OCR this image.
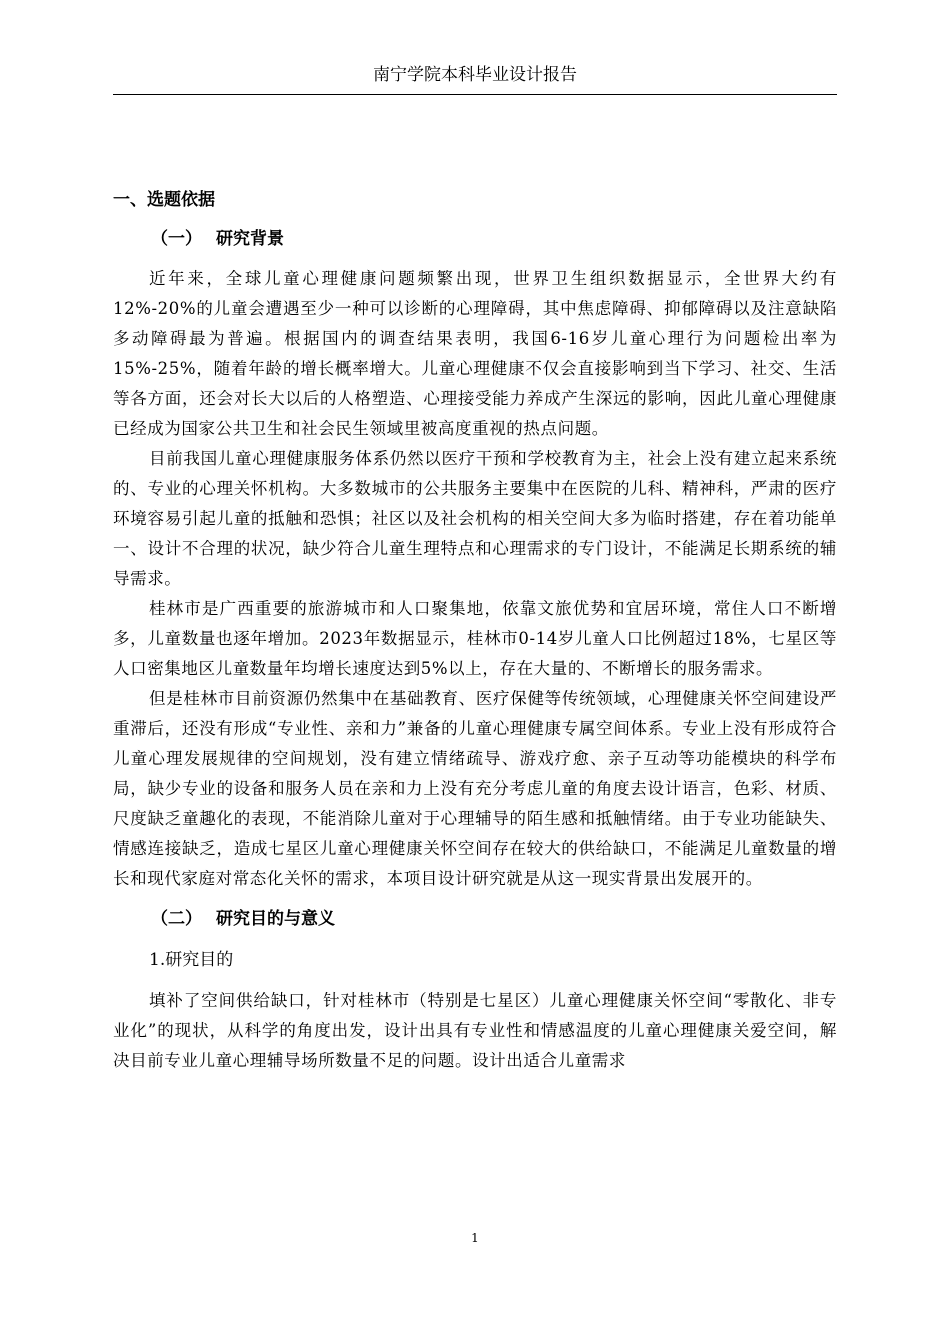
南宁学院本科毕业设计报告
一、选题依据
（一） 研究背景

近年来，全球儿童心理健康问题频繁出现，世界卫生组织数据显示，全世界大约有12%-20%的儿童会遭遇至少一种可以诊断的心理障碍，其中焦虑障碍、抑郁障碍以及注意缺陷多动障碍最为普遍。根据国内的调查结果表明，我国6-16岁儿童心理行为问题检出率为15%-25%，随着年龄的增长概率增大。儿童心理健康不仅会直接影响到当下学习、社交、生活等各方面，还会对长大以后的人格塑造、心理接受能力养成产生深远的影响，因此儿童心理健康已经成为国家公共卫生和社会民生领域里被高度重视的热点问题。

目前我国儿童心理健康服务体系仍然以医疗干预和学校教育为主，社会上没有建立起来系统的、专业的心理关怀机构。大多数城市的公共服务主要集中在医院的儿科、精神科，严肃的医疗环境容易引起儿童的抵触和恐惧；社区以及社会机构的相关空间大多为临时搭建，存在着功能单一、设计不合理的状况，缺少符合儿童生理特点和心理需求的专门设计，不能满足长期系统的辅导需求。

桂林市是广西重要的旅游城市和人口聚集地，依靠文旅优势和宜居环境，常住人口不断增多，儿童数量也逐年增加。2023年数据显示，桂林市0-14岁儿童人口比例超过18%，七星区等人口密集地区儿童数量年均增长速度达到5%以上，存在大量的、不断增长的服务需求。

但是桂林市目前资源仍然集中在基础教育、医疗保健等传统领域，心理健康关怀空间建设严重滞后，还没有形成“专业性、亲和力”兼备的儿童心理健康专属空间体系。专业上没有形成符合儿童心理发展规律的空间规划，没有建立情绪疏导、游戏疗愈、亲子互动等功能模块的科学布局，缺少专业的设备和服务人员在亲和力上没有充分考虑儿童的角度去设计语言，色彩、材质、尺度缺乏童趣化的表现，不能消除儿童对于心理辅导的陌生感和抵触情绪。由于专业功能缺失、情感连接缺乏，造成七星区儿童心理健康关怀空间存在较大的供给缺口，不能满足儿童数量的增长和现代家庭对常态化关怀的需求，本项目设计研究就是从这一现实背景出发展开的。

（二） 研究目的与意义
1.研究目的

填补了空间供给缺口，针对桂林市（特别是七星区）儿童心理健康关怀空间“零散化、非专业化”的现状，从科学的角度出发，设计出具有专业性和情感温度的儿童心理健康关爱空间，解决目前专业儿童心理辅导场所数量不足的问题。设计出适合儿童需求

1
